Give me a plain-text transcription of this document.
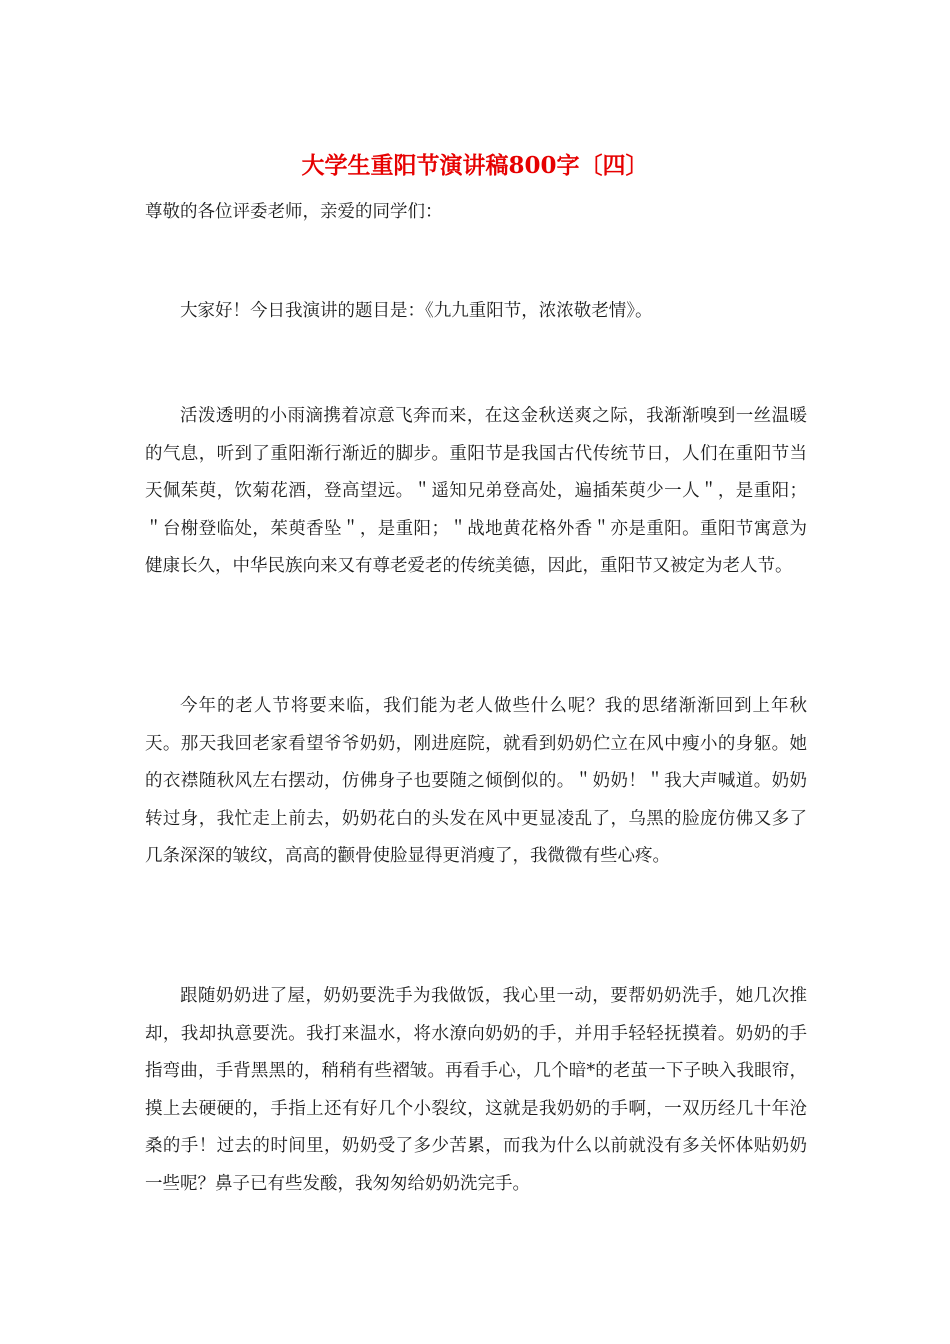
大学生重阳节演讲稿800字〔四〕

尊敬的各位评委老师，亲爱的同学们：

大家好！今日我演讲的题目是：《九九重阳节，浓浓敬老情》。

活泼透明的小雨滴携着凉意飞奔而来，在这金秋送爽之际，我渐渐嗅到一丝温暖的气息，听到了重阳渐行渐近的脚步。重阳节是我国古代传统节日，人们在重阳节当天佩茱萸，饮菊花酒，登高望远。＂遥知兄弟登高处，遍插茱萸少一人＂，是重阳；＂台榭登临处，茱萸香坠＂，是重阳；＂战地黄花格外香＂亦是重阳。重阳节寓意为健康长久，中华民族向来又有尊老爱老的传统美德，因此，重阳节又被定为老人节。

今年的老人节将要来临，我们能为老人做些什么呢？我的思绪渐渐回到上年秋天。那天我回老家看望爷爷奶奶，刚进庭院，就看到奶奶伫立在风中瘦小的身躯。她的衣襟随秋风左右摆动，仿佛身子也要随之倾倒似的。＂奶奶！＂我大声喊道。奶奶转过身，我忙走上前去，奶奶花白的头发在风中更显凌乱了，乌黑的脸庞仿佛又多了几条深深的皱纹，高高的颧骨使脸显得更消瘦了，我微微有些心疼。

跟随奶奶进了屋，奶奶要洗手为我做饭，我心里一动，要帮奶奶洗手，她几次推却，我却执意要洗。我打来温水，将水潦向奶奶的手，并用手轻轻抚摸着。奶奶的手指弯曲，手背黑黑的，稍稍有些褶皱。再看手心，几个暗*的老茧一下子映入我眼帘，摸上去硬硬的，手指上还有好几个小裂纹，这就是我奶奶的手啊，一双历经几十年沧桑的手！过去的时间里，奶奶受了多少苦累，而我为什么以前就没有多关怀体贴奶奶一些呢？鼻子已有些发酸，我匆匆给奶奶洗完手。
